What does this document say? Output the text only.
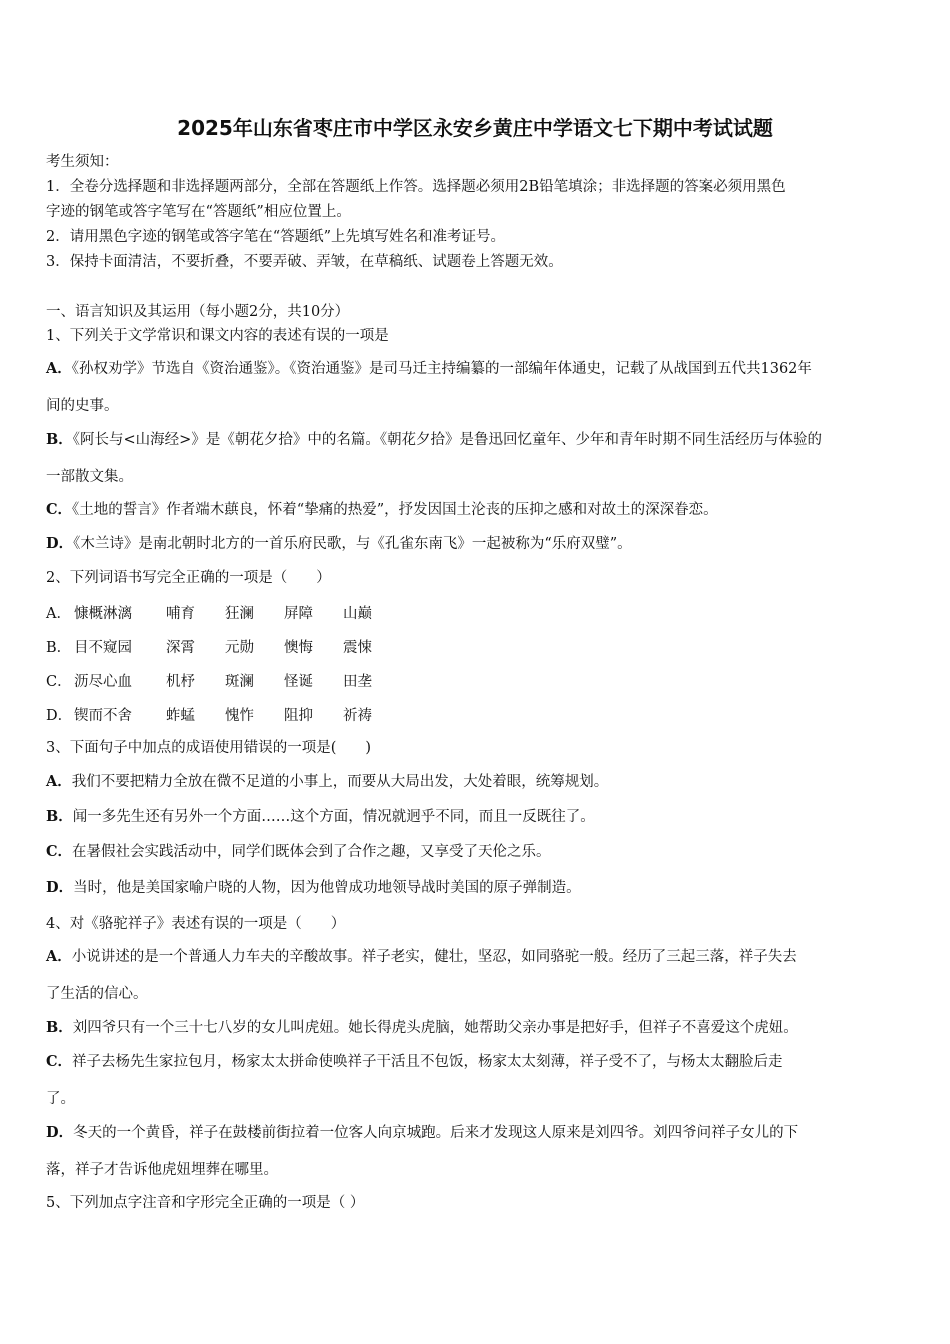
2025年山东省枣庄市中学区永安乡黄庄中学语文七下期中考试试题
考生须知：
1．全卷分选择题和非选择题两部分，全部在答题纸上作答。选择题必须用2B铅笔填涂；非选择题的答案必须用黑色
字迹的钢笔或答字笔写在“答题纸”相应位置上。
2．请用黑色字迹的钢笔或答字笔在“答题纸”上先填写姓名和准考证号。
3．保持卡面清洁，不要折叠，不要弄破、弄皱，在草稿纸、试题卷上答题无效。
一、语言知识及其运用（每小题2分，共10分）
1、下列关于文学常识和课文内容的表述有误的一项是
A．《孙权劝学》节选自《资治通鉴》。《资治通鉴》是司马迁主持编纂的一部编年体通史，记载了从战国到五代共1362年
间的史事。
B．《阿长与<山海经>》是《朝花夕拾》中的名篇。《朝花夕拾》是鲁迅回忆童年、少年和青年时期不同生活经历与体验的
一部散文集。
C．《土地的誓言》作者端木蕻良，怀着“挚痛的热爱”，抒发因国土沦丧的压抑之感和对故土的深深眷恋。
D．《木兰诗》是南北朝时北方的一首乐府民歌，与《孔雀东南飞》一起被称为“乐府双璧”。
2、下列词语书写完全正确的一项是（　　）
A． 慷概淋漓 哺育 狂澜 屏障 山巅
B． 目不窥园 深霄 元勋 懊悔 震悚
C． 沥尽心血 机杼 斑澜 怪诞 田垄
D． 锲而不舍 蚱蜢 愧怍 阻抑 祈祷
3、下面句子中加点的成语使用错误的一项是(　　)
A．我们不要把精力全放在微不足道的小事上，而要从大局出发，大处着眼，统筹规划。
B．闻一多先生还有另外一个方面……这个方面，情况就迥乎不同，而且一反既往了。
C．在暑假社会实践活动中，同学们既体会到了合作之趣，又享受了天伦之乐。
D．当时，他是美国家喻户晓的人物，因为他曾成功地领导战时美国的原子弹制造。
4、对《骆驼祥子》表述有误的一项是（　　）
A．小说讲述的是一个普通人力车夫的辛酸故事。祥子老实，健壮，坚忍，如同骆驼一般。经历了三起三落，祥子失去
了生活的信心。
B．刘四爷只有一个三十七八岁的女儿叫虎妞。她长得虎头虎脑，她帮助父亲办事是把好手，但祥子不喜爱这个虎妞。
C．祥子去杨先生家拉包月，杨家太太拼命使唤祥子干活且不包饭，杨家太太刻薄，祥子受不了，与杨太太翻脸后走
了。
D．冬天的一个黄昏，祥子在鼓楼前街拉着一位客人向京城跑。后来才发现这人原来是刘四爷。刘四爷问祥子女儿的下
落，祥子才告诉他虎妞埋葬在哪里。
5、下列加点字注音和字形完全正确的一项是（ ）
